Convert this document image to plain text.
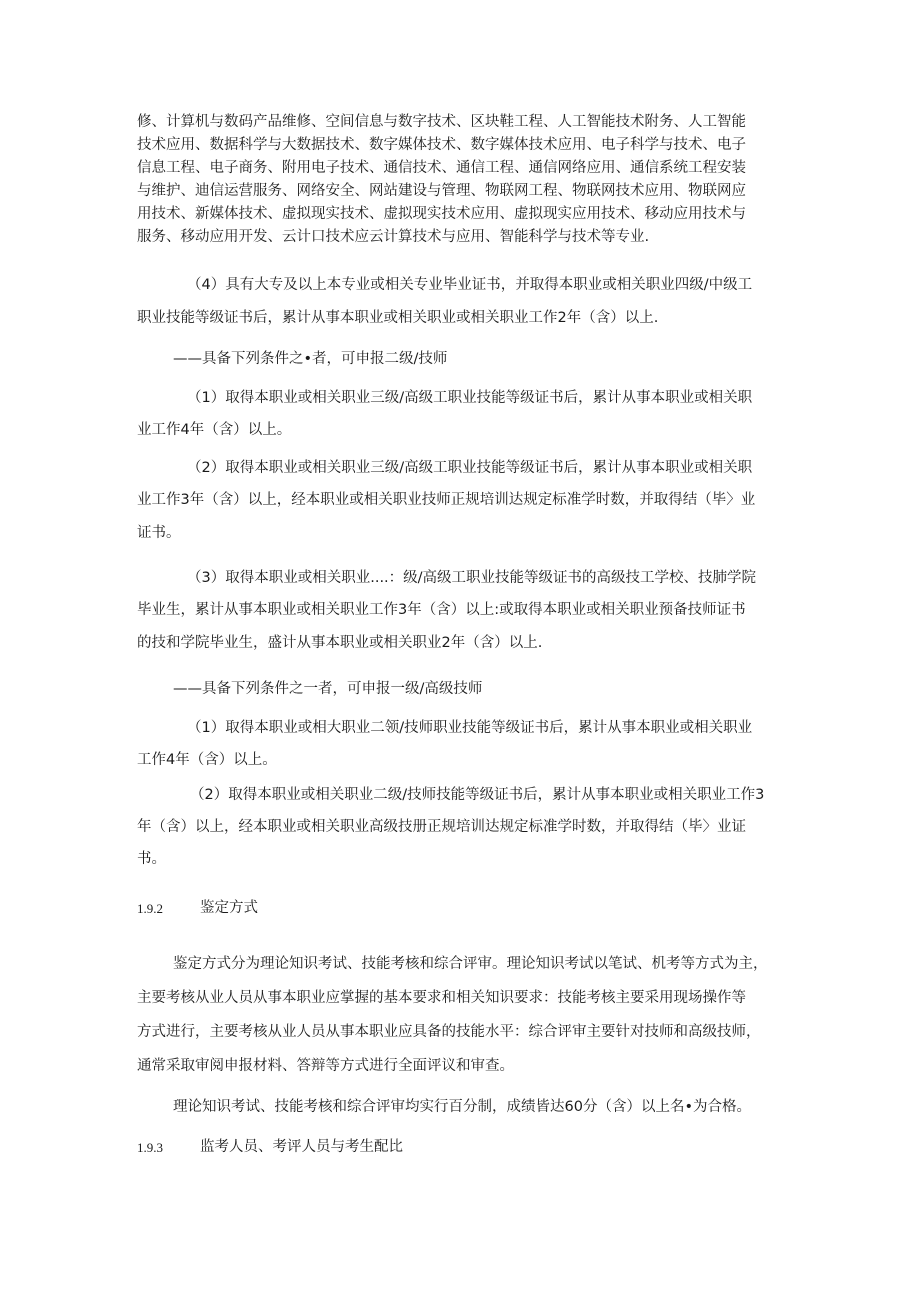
修、计算机与数码产品维修、空间信息与数字技术、区块鞋工程、人工智能技术附务、人工智能
技术应用、数据科学与大数据技术、数字媒体技术、数字媒体技术应用、电子科学与技术、电子
信息工程、电子商务、附用电子技术、通信技术、通信工程、通信网络应用、通信系统工程安装
与维护、迪信运营服务、网络安全、网站建设与管理、物联网工程、物联网技术应用、物联网应
用技术、新媒体技术、虚拟现实技术、虚拟现实技术应用、虚拟现实应用技术、移动应用技术与
服务、移动应用开发、云计口技术应云计算技术与应用、智能科学与技术等专业.
（4）具有大专及以上本专业或相关专业毕业证书，并取得本职业或相关职业四级/中级工
职业技能等级证书后，累计从事本职业或相关职业或相关职业工作2年（含）以上.
——具备下列条件之•者，可申报二级/技师
（1）取得本职业或相关职业三级/高级工职业技能等级证书后，累计从事本职业或相关职
业工作4年（含）以上。
（2）取得本职业或相关职业三级/高级工职业技能等级证书后，累计从事本职业或相关职
业工作3年（含）以上，经本职业或相关职业技师正规培训达规定标准学时数，并取得结（毕〉业
证书。
（3）取得本职业或相关职业....：级/高级工职业技能等级证书的高级技工学校、技肺学院
毕业生，累计从事本职业或相关职业工作3年（含）以上:或取得本职业或相关职业预备技师证书
的技和学院毕业生，盛计从事本职业或相关职业2年（含）以上.
——具备下列条件之一者，可申报一级/高级技师
（1）取得本职业或相大职业二领/技师职业技能等级证书后，累计从事本职业或相关职业
工作4年（含）以上。
（2）取得本职业或相关职业二级/技师技能等级证书后，累计从事本职业或相关职业工作3
年（含）以上，经本职业或相关职业高级技册正规培训达规定标准学时数，并取得结（毕〉业证
书。
1.9.2	鉴定方式
鉴定方式分为理论知识考试、技能考核和综合评审。理论知识考试以笔试、机考等方式为主，
主要考核从业人员从事本职业应掌握的基本要求和相关知识要求：技能考核主要采用现场操作等
方式进行，主要考核从业人员从事本职业应具备的技能水平：综合评审主要针对技师和高级技师，
通常采取审阅申报材料、答辩等方式进行全面评议和审查。
理论知识考试、技能考核和综合评审均实行百分制，成绩皆达60分（含）以上名•为合格。
1.9.3	监考人员、考评人员与考生配比
